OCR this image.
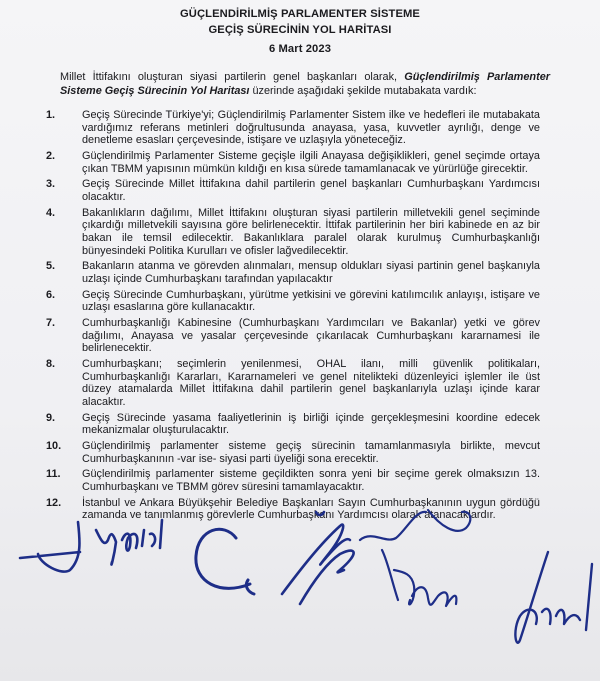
GÜÇLENDİRİLMİŞ PARLAMENTER SİSTEME
GEÇİŞ SÜRECİNİN YOL HARİTASI
6 Mart 2023

Millet İttifakını oluşturan siyasi partilerin genel başkanları olarak, Güçlendirilmiş Parlamenter Sisteme Geçiş Sürecinin Yol Haritası üzerinde aşağıdaki şekilde mutabakata vardık:

1.	Geçiş Sürecinde Türkiye'yi; Güçlendirilmiş Parlamenter Sistem ilke ve hedefleri ile mutabakata vardığımız referans metinleri doğrultusunda anayasa, yasa, kuvvetler ayrılığı, denge ve denetleme esasları çerçevesinde, istişare ve uzlaşıyla yöneteceğiz.
2.	Güçlendirilmiş Parlamenter Sisteme geçişle ilgili Anayasa değişiklikleri, genel seçimde ortaya çıkan TBMM yapısının mümkün kıldığı en kısa sürede tamamlanacak ve yürürlüğe girecektir.
3.	Geçiş Sürecinde Millet İttifakına dahil partilerin genel başkanları Cumhurbaşkanı Yardımcısı olacaktır.
4.	Bakanlıkların dağılımı, Millet İttifakını oluşturan siyasi partilerin milletvekili genel seçiminde çıkardığı milletvekili sayısına göre belirlenecektir. İttifak partilerinin her biri kabinede en az bir bakan ile temsil edilecektir. Bakanlıklara paralel olarak kurulmuş Cumhurbaşkanlığı bünyesindeki Politika Kurulları ve ofisler lağvedilecektir.
5.	Bakanların atanma ve görevden alınmaları, mensup oldukları siyasi partinin genel başkanıyla uzlaşı içinde Cumhurbaşkanı tarafından yapılacaktır
6.	Geçiş Sürecinde Cumhurbaşkanı, yürütme yetkisini ve görevini katılımcılık anlayışı, istişare ve uzlaşı esaslarına göre kullanacaktır.
7.	Cumhurbaşkanlığı Kabinesine (Cumhurbaşkanı Yardımcıları ve Bakanlar) yetki ve görev dağılımı, Anayasa ve yasalar çerçevesinde çıkarılacak Cumhurbaşkanı kararnamesi ile belirlenecektir.
8.	Cumhurbaşkanı; seçimlerin yenilenmesi, OHAL ilanı, milli güvenlik politikaları, Cumhurbaşkanlığı Kararları, Kararnameleri ve genel nitelikteki düzenleyici işlemler ile üst düzey atamalarda Millet İttifakına dahil partilerin genel başkanlarıyla uzlaşı içinde karar alacaktır.
9.	Geçiş Sürecinde yasama faaliyetlerinin iş birliği içinde gerçekleşmesini koordine edecek mekanizmalar oluşturulacaktır.
10.	Güçlendirilmiş parlamenter sisteme geçiş sürecinin tamamlanmasıyla birlikte, mevcut Cumhurbaşkanının -var ise- siyasi parti üyeliği sona erecektir.
11.	Güçlendirilmiş parlamenter sisteme geçildikten sonra yeni bir seçime gerek olmaksızın 13. Cumhurbaşkanı ve TBMM görev süresini tamamlayacaktır.
12.	İstanbul ve Ankara Büyükşehir Belediye Başkanları Sayın Cumhurbaşkanının uygun gördüğü zamanda ve tanımlanmış görevlerle Cumhurbaşkanı Yardımcısı olarak atanacaklardır.
